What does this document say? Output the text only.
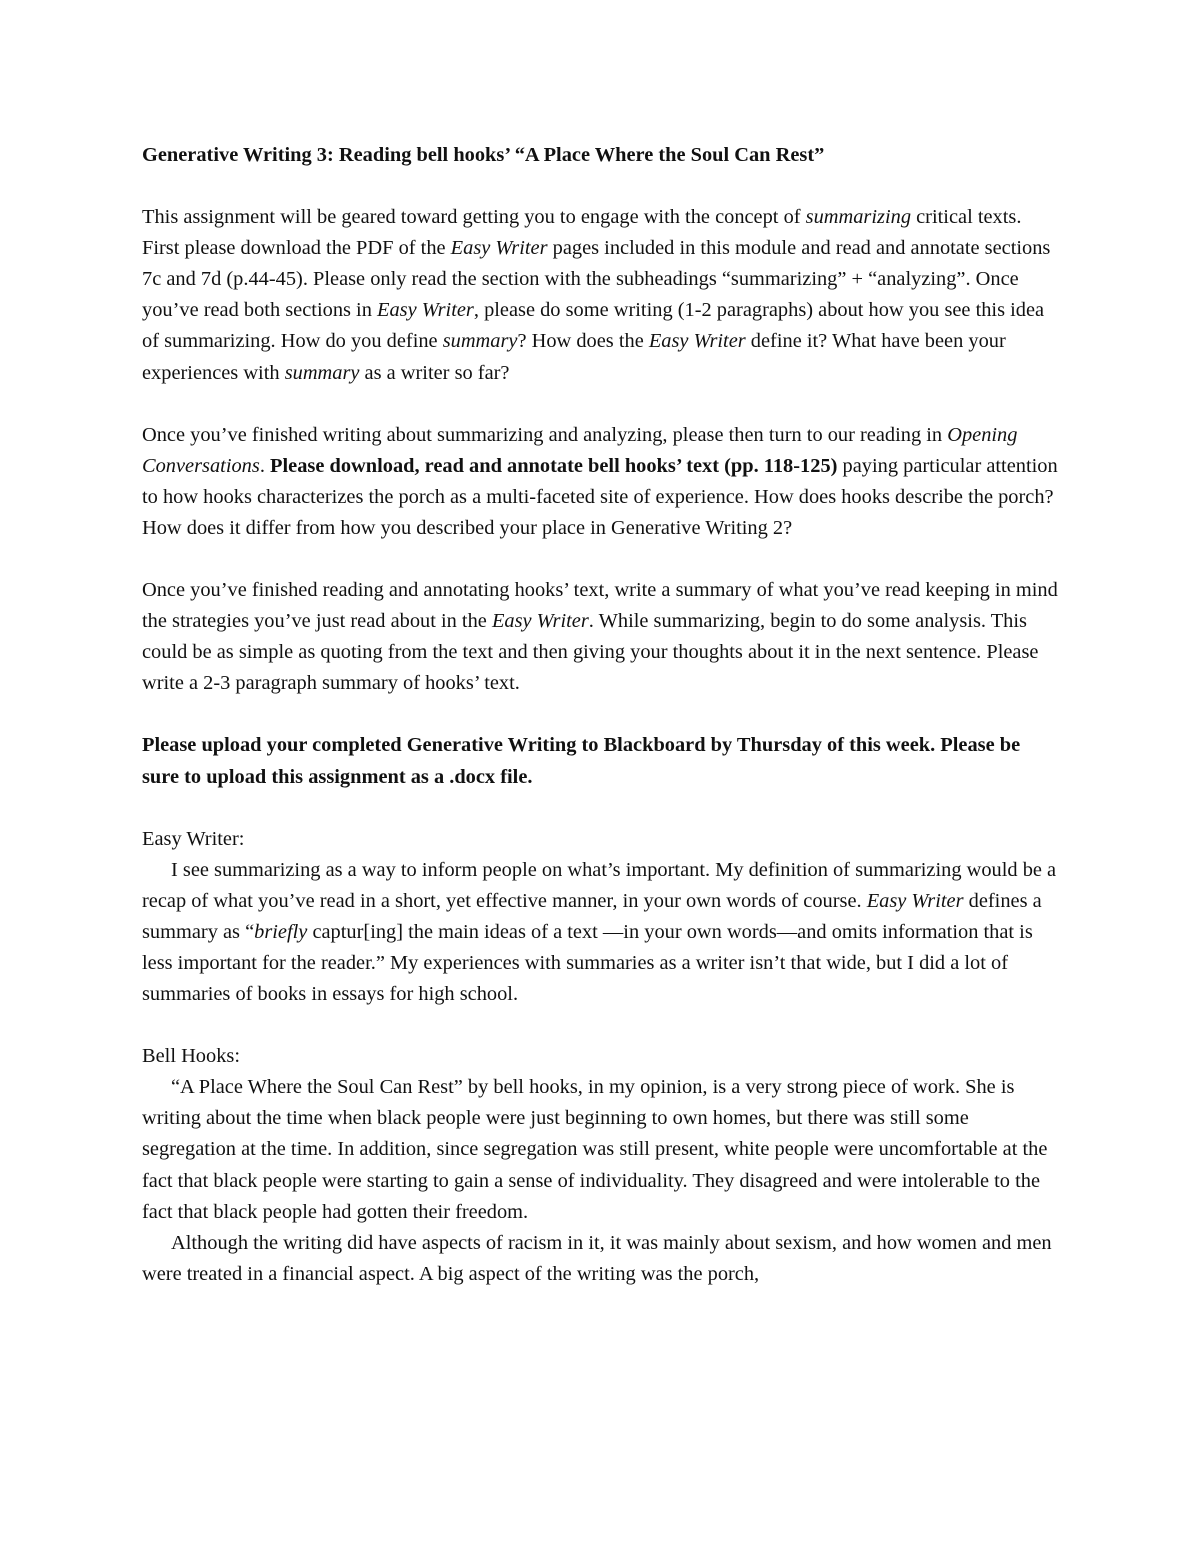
Generative Writing 3: Reading bell hooks’ “A Place Where the Soul Can Rest”

This assignment will be geared toward getting you to engage with the concept of summarizing critical texts. First please download the PDF of the Easy Writer pages included in this module and read and annotate sections 7c and 7d (p.44-45). Please only read the section with the subheadings “summarizing” + “analyzing”. Once you’ve read both sections in Easy Writer, please do some writing (1-2 paragraphs) about how you see this idea of summarizing. How do you define summary? How does the Easy Writer define it? What have been your experiences with summary as a writer so far?

Once you’ve finished writing about summarizing and analyzing, please then turn to our reading in Opening Conversations. Please download, read and annotate bell hooks’ text (pp. 118-125) paying particular attention to how hooks characterizes the porch as a multi-faceted site of experience. How does hooks describe the porch? How does it differ from how you described your place in Generative Writing 2?

Once you’ve finished reading and annotating hooks’ text, write a summary of what you’ve read keeping in mind the strategies you’ve just read about in the Easy Writer. While summarizing, begin to do some analysis. This could be as simple as quoting from the text and then giving your thoughts about it in the next sentence. Please write a 2-3 paragraph summary of hooks’ text.

Please upload your completed Generative Writing to Blackboard by Thursday of this week. Please be sure to upload this assignment as a .docx file.

Easy Writer:

I see summarizing as a way to inform people on what’s important. My definition of summarizing would be a recap of what you’ve read in a short, yet effective manner, in your own words of course. Easy Writer defines a summary as “briefly captur[ing] the main ideas of a text —in your own words—and omits information that is less important for the reader.” My experiences with summaries as a writer isn’t that wide, but I did a lot of summaries of books in essays for high school.

Bell Hooks:

“A Place Where the Soul Can Rest” by bell hooks, in my opinion, is a very strong piece of work. She is writing about the time when black people were just beginning to own homes, but there was still some segregation at the time. In addition, since segregation was still present, white people were uncomfortable at the fact that black people were starting to gain a sense of individuality. They disagreed and were intolerable to the fact that black people had gotten their freedom.

Although the writing did have aspects of racism in it, it was mainly about sexism, and how women and men were treated in a financial aspect. A big aspect of the writing was the porch,
